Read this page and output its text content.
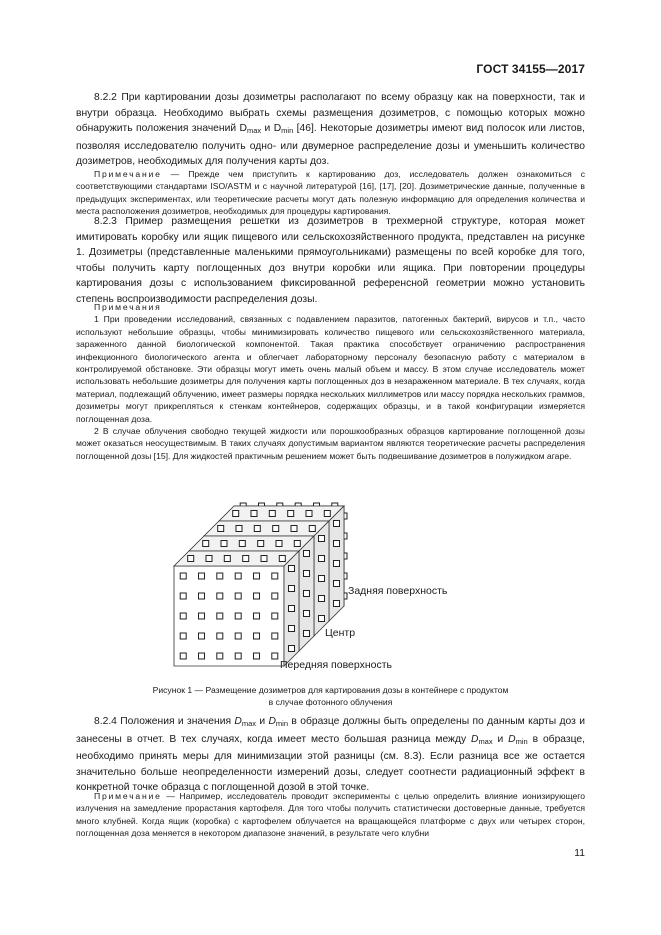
ГОСТ 34155—2017
8.2.2 При картировании дозы дозиметры располагают по всему образцу как на поверхности, так и внутри образца. Необходимо выбрать схемы размещения дозиметров, с помощью которых можно обнаружить положения значений $D_{max}$ и $D_{min}$ [46]. Некоторые дозиметры имеют вид полосок или листов, позволяя исследователю получить одно- или двумерное распределение дозы и уменьшить количество дозиметров, необходимых для получения карты доз.
Примечание — Прежде чем приступить к картированию доз, исследователь должен ознакомиться с соответствующими стандартами ISO/ASTM и с научной литературой [16], [17], [20]. Дозиметрические данные, полученные в предыдущих экспериментах, или теоретические расчеты могут дать полезную информацию для определения количества и места расположения дозиметров, необходимых для процедуры картирования.
8.2.3 Пример размещения решетки из дозиметров в трехмерной структуре, которая может имитировать коробку или ящик пищевого или сельскохозяйственного продукта, представлен на рисунке 1. Дозиметры (представленные маленькими прямоугольниками) размещены по всей коробке для того, чтобы получить карту поглощенных доз внутри коробки или ящика. При повторении процедуры картирования дозы с использованием фиксированной референсной геометрии можно установить степень воспроизводимости распределения дозы.
Примечания
1 При проведении исследований, связанных с подавлением паразитов, патогенных бактерий, вирусов и т.п., часто используют небольшие образцы, чтобы минимизировать количество пищевого или сельскохозяйственного материала, зараженного данной биологической компонентой. Такая практика способствует ограничению распространения инфекционного биологического агента и облегчает лабораторному персоналу безопасную работу с материалом в контролируемой обстановке. Эти образцы могут иметь очень малый объем и массу. В этом случае исследователь может использовать небольшие дозиметры для получения карты поглощенных доз в незараженном материале. В тех случаях, когда материал, подлежащий облучению, имеет размеры порядка нескольких миллиметров или массу порядка нескольких граммов, дозиметры могут прикрепляться к стенкам контейнеров, содержащих образцы, и в такой конфигурации измеряется поглощенная доза.
2 В случае облучения свободно текущей жидкости или порошкообразных образцов картирование поглощенной дозы может оказаться неосуществимым. В таких случаях допустимым вариантом являются теоретические расчеты распределения поглощенной дозы [15]. Для жидкостей практичным решением может быть подвешивание дозиметров в полужидком агаре.
Задняя поверхность
Центр
Передняя поверхность
Рисунок 1 — Размещение дозиметров для картирования дозы в контейнере с продуктом
в случае фотонного облучения
8.2.4 Положения и значения $D_{max}$ и $D_{min}$ в образце должны быть определены по данным карты доз и занесены в отчет. В тех случаях, когда имеет место большая разница между $D_{max}$ и $D_{min}$ в образце, необходимо принять меры для минимизации этой разницы (см. 8.3). Если разница все же остается значительно больше неопределенности измерений дозы, следует соотнести радиационный эффект в конкретной точке образца с поглощенной дозой в этой точке.
Примечание — Например, исследователь проводит эксперименты с целью определить влияние ионизирующего излучения на замедление прорастания картофеля. Для того чтобы получить статистически достоверные данные, требуется много клубней. Когда ящик (коробка) с картофелем облучается на вращающейся платформе с двух или четырех сторон, поглощенная доза меняется в некотором диапазоне значений, в результате чего клубни
11
